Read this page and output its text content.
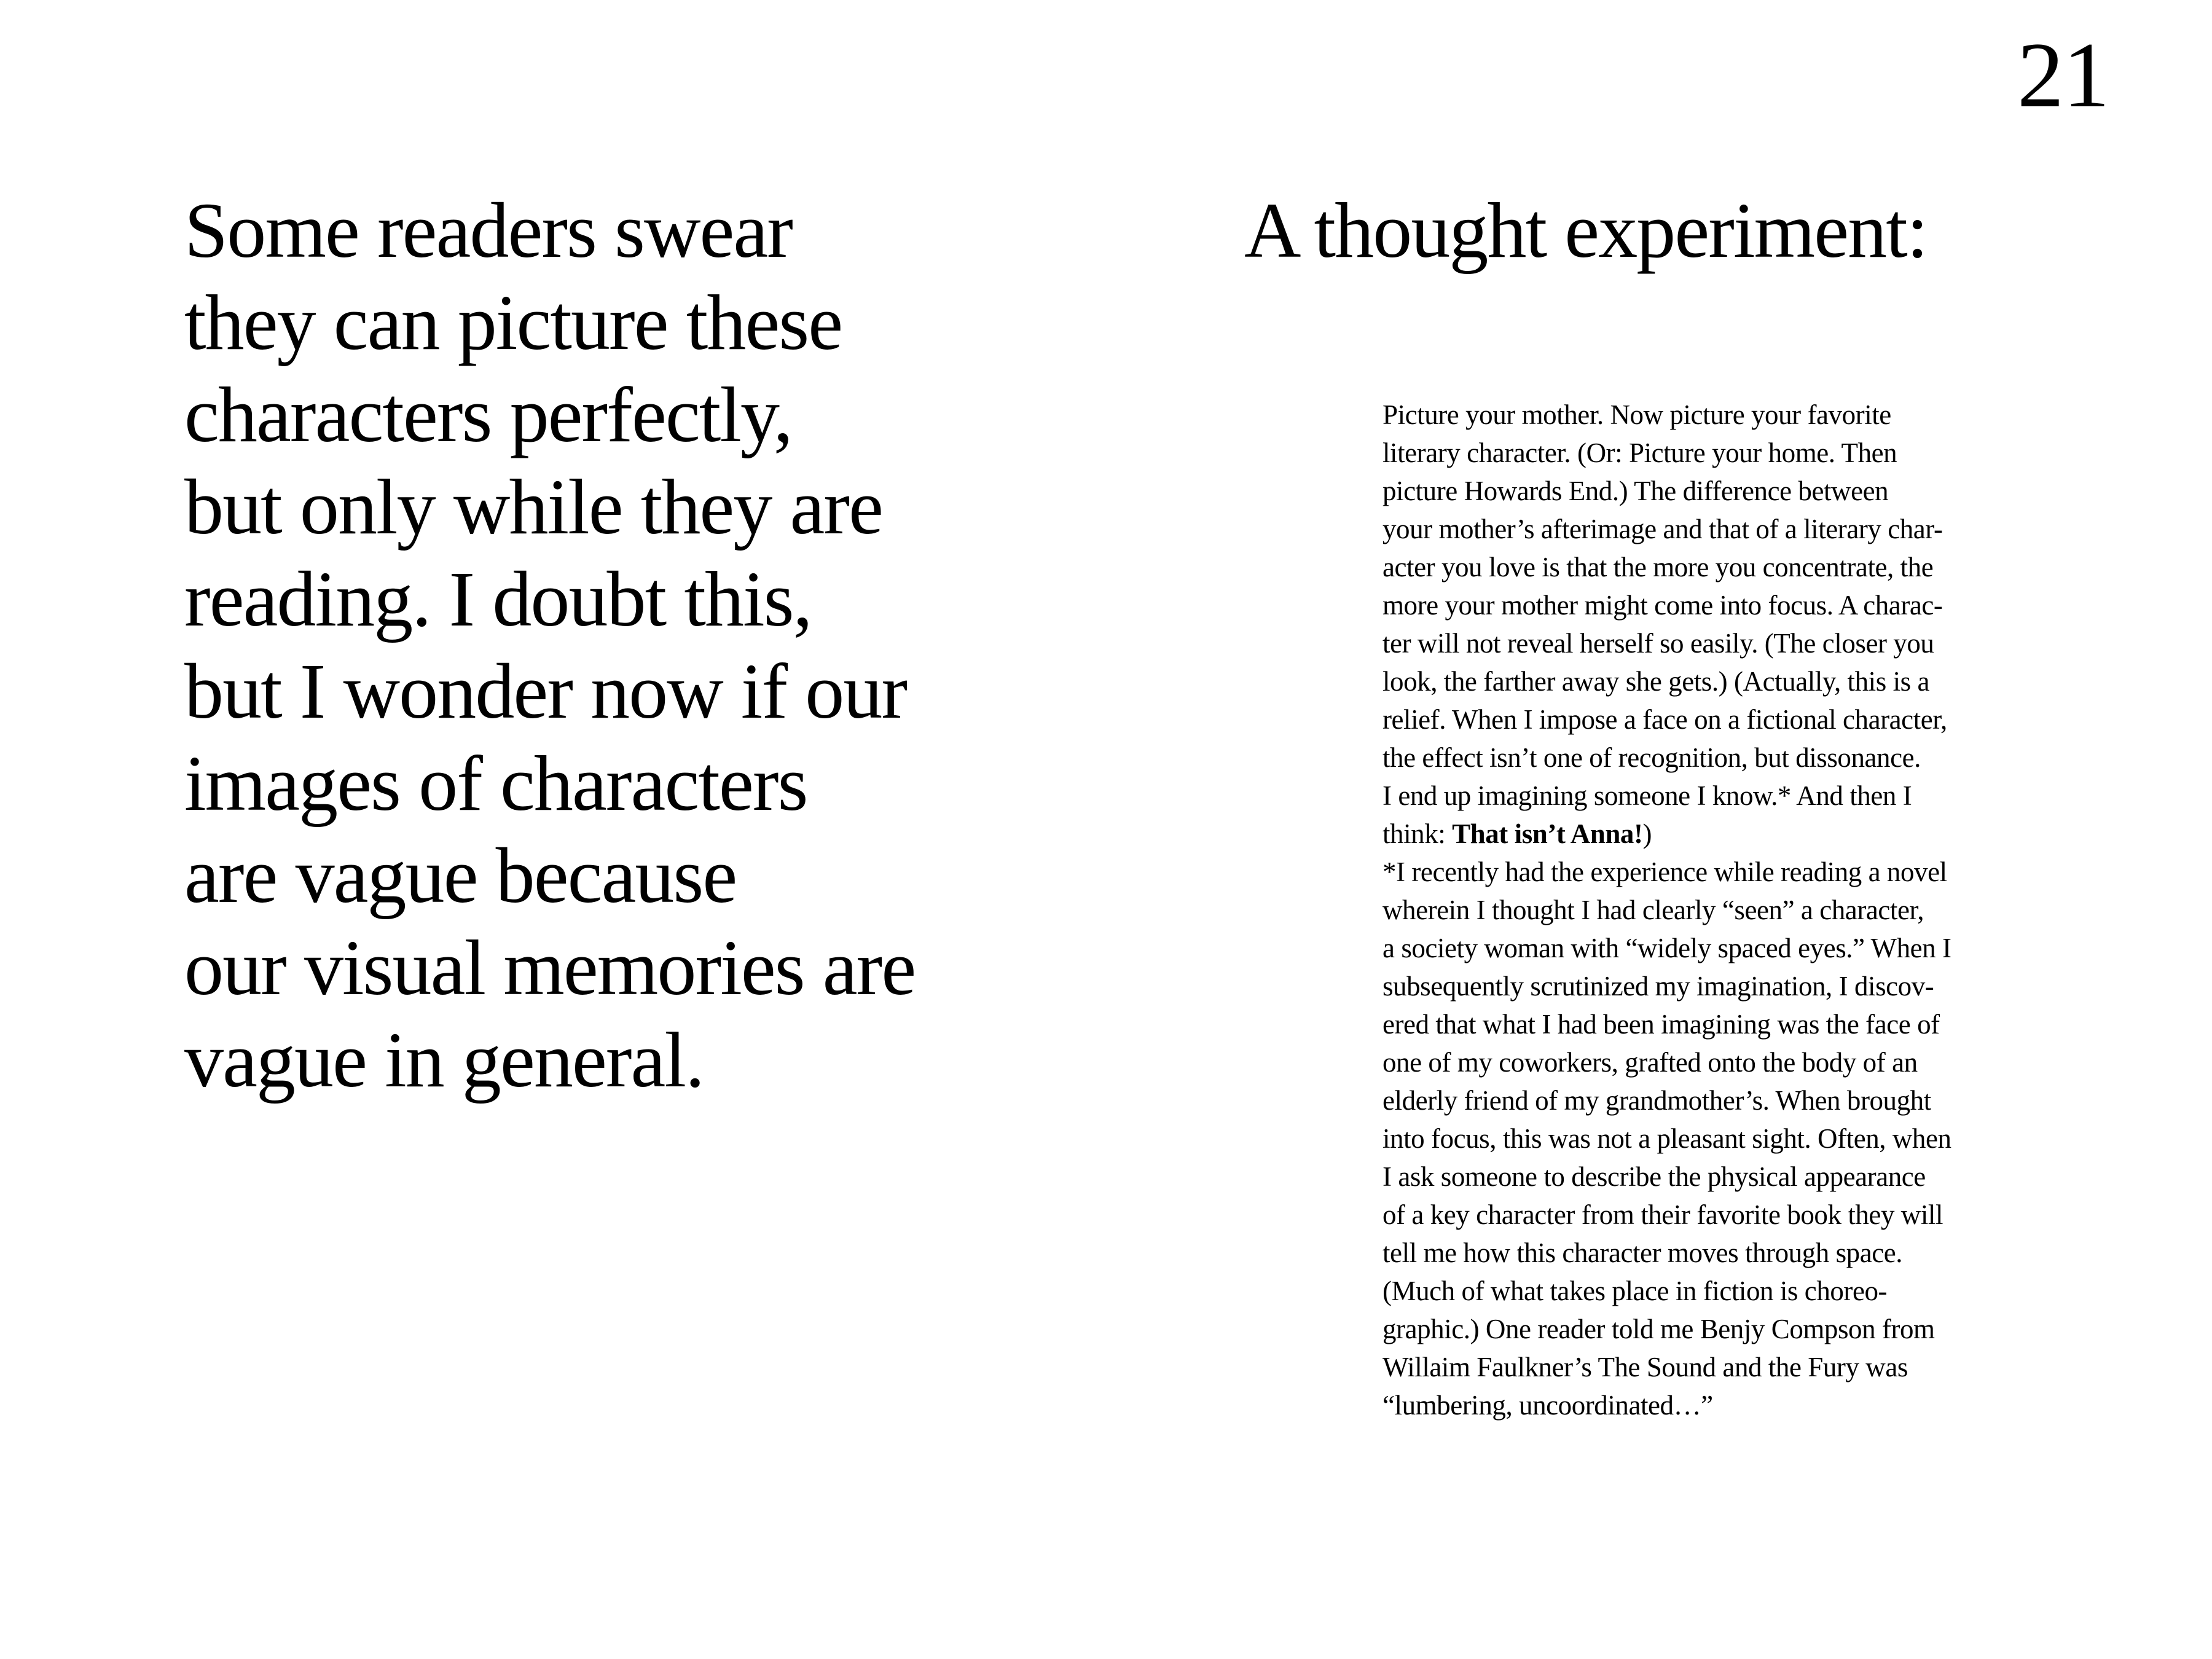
21
Some readers swear
they can picture these
characters perfectly,
but only while they are
reading. I doubt this,
but I wonder now if our
images of characters
are vague because
our visual memories are
vague in general.
A thought experiment:
Picture your mother. Now picture your favorite
literary character. (Or: Picture your home. Then
picture Howards End.) The difference between
your mother’s afterimage and that of a literary char-
acter you love is that the more you concentrate, the
more your mother might come into focus. A charac-
ter will not reveal herself so easily. (The closer you
look, the farther away she gets.) (Actually, this is a
relief. When I impose a face on a fictional character,
the effect isn’t one of recognition, but dissonance.
I end up imagining someone I know.* And then I
think: That isn’t Anna!)
*I recently had the experience while reading a novel
wherein I thought I had clearly “seen” a character,
a society woman with “widely spaced eyes.” When I
subsequently scrutinized my imagination, I discov-
ered that what I had been imagining was the face of
one of my coworkers, grafted onto the body of an
elderly friend of my grandmother’s. When brought
into focus, this was not a pleasant sight. Often, when
I ask someone to describe the physical appearance
of a key character from their favorite book they will
tell me how this character moves through space.
(Much of what takes place in fiction is choreo-
graphic.) One reader told me Benjy Compson from
Willaim Faulkner’s The Sound and the Fury was
“lumbering, uncoordinated…”
